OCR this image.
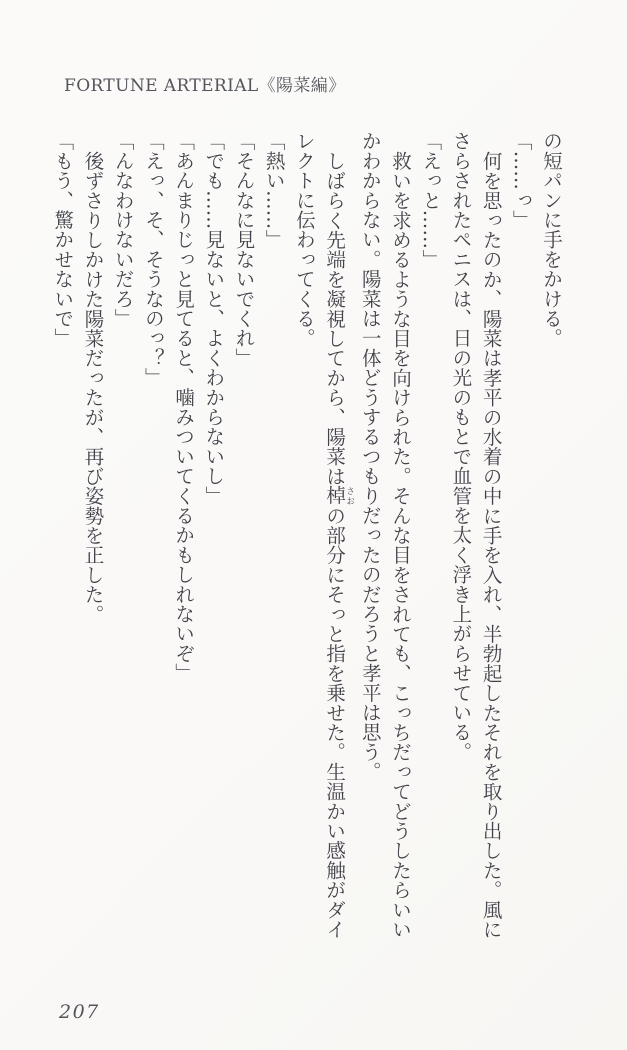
FORTUNE ARTERIAL《陽菜編》

の短パンに手をかける。

「……っ」

何を思ったのか、陽菜は孝平の水着の中に手を入れ、半勃起したそれを取り出した。風にさらされたペニスは、日の光のもとで血管を太く浮き上がらせている。

「えっと……」

救いを求めるような目を向けられた。そんな目をされても、こっちだってどうしたらいいかわからない。陽菜は一体どうするつもりだったのだろうと孝平は思う。

しばらく先端を凝視してから、陽菜は棹さおの部分にそっと指を乗せた。生温かい感触がダイレクトに伝わってくる。

「熱い……」

「そんなに見ないでくれ」

「でも……見ないと、よくわからないし」

「あんまりじっと見てると、噛みついてくるかもしれないぞ」

「えっ、そ、そうなのっ？」

「んなわけないだろ」

後ずさりしかけた陽菜だったが、再び姿勢を正した。

「もう、驚かせないで」

207
